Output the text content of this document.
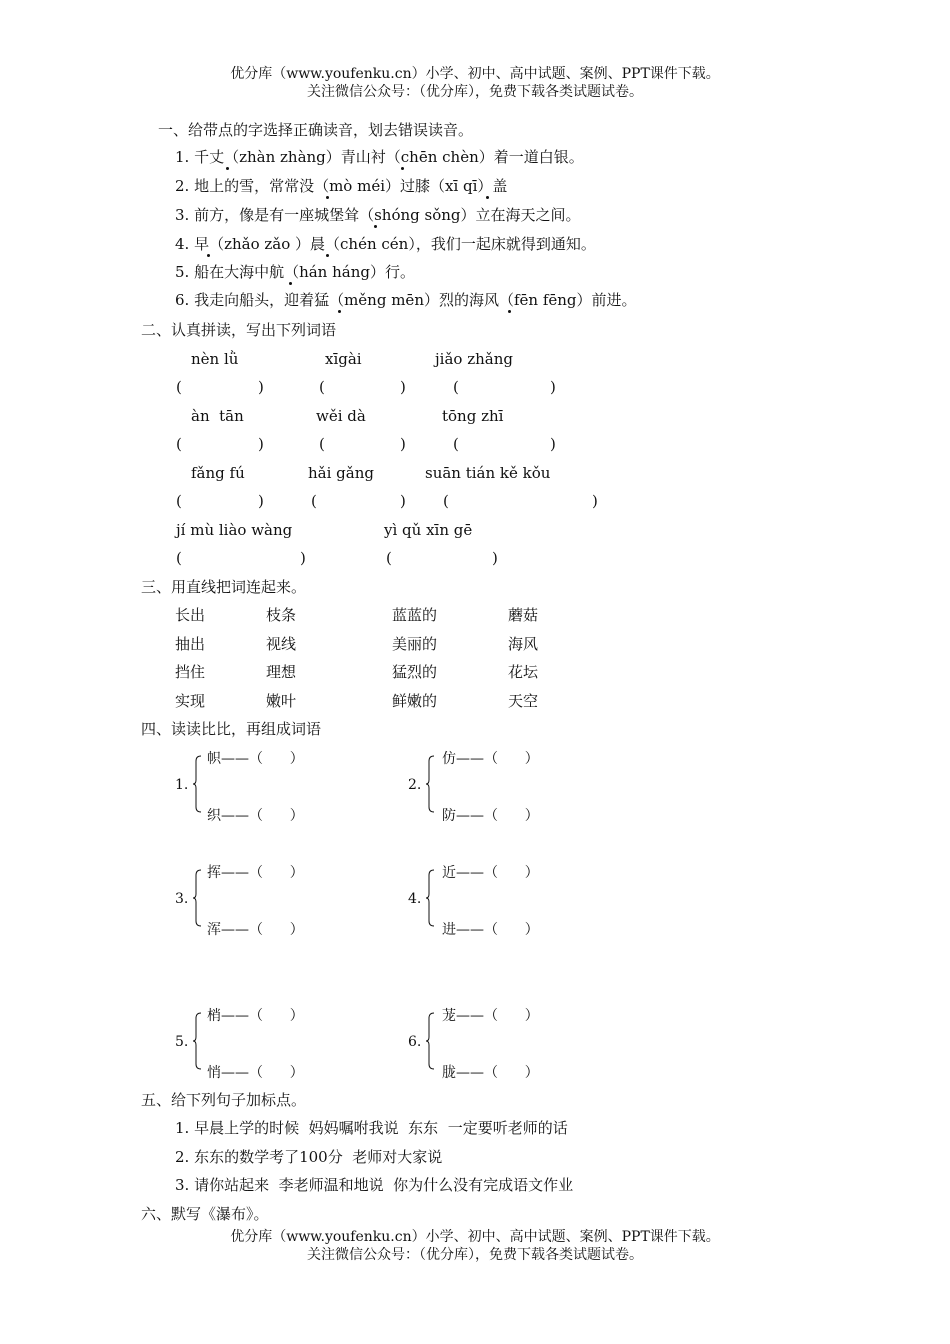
优分库（www.youfenku.cn）小学、初中、高中试题、案例、PPT课件下载。
关注微信公众号：（优分库），免费下载各类试题试卷。
一、给带点的字选择正确读音，划去错误读音。
1. 千丈（zhàn zhàng）青山衬（chēn chèn）着一道白银。
2. 地上的雪，常常没（mò méi）过膝（xī qī）盖
3. 前方，像是有一座城堡耸（shóng sǒng）立在海天之间。
4. 早（zhǎo zǎo ）晨（chén cén），我们一起床就得到通知。
5. 船在大海中航（hán háng）行。
6. 我走向船头，迎着猛（měng mēn）烈的海风（fēn fēng）前进。
二、认真拼读，写出下列词语
nèn lǜ	xīgài	jiǎo zhǎng
(	)	(	)	(	)
àn  tān	wěi dà	tōng zhī
(	)	(	)	(	)
fǎng fú	hǎi gǎng	suān tián kě kǒu
(	)	(	) (	)
jí mù liào wàng	yì qǔ xīn gē
(	)	(	)
三、用直线把词连起来。
长出	枝条	蓝蓝的	蘑菇
抽出	视线	美丽的	海风
挡住	理想	猛烈的	花坛
实现	嫩叶	鲜嫩的	天空
四、读读比比，再组成词语
1.
帜——（      ）
织——（      ）
2.
仿——（      ）
防——（      ）
3.
挥——（      ）
浑——（      ）
4.
近——（      ）
进——（      ）
5.
梢——（      ）
悄——（      ）
6.
茏——（      ）
胧——（      ）
五、给下列句子加标点。
1. 早晨上学的时候  妈妈嘱咐我说  东东  一定要听老师的话
2. 东东的数学考了100分  老师对大家说
3. 请你站起来  李老师温和地说  你为什么没有完成语文作业
六、默写《瀑布》。
优分库（www.youfenku.cn）小学、初中、高中试题、案例、PPT课件下载。
关注微信公众号：（优分库），免费下载各类试题试卷。
